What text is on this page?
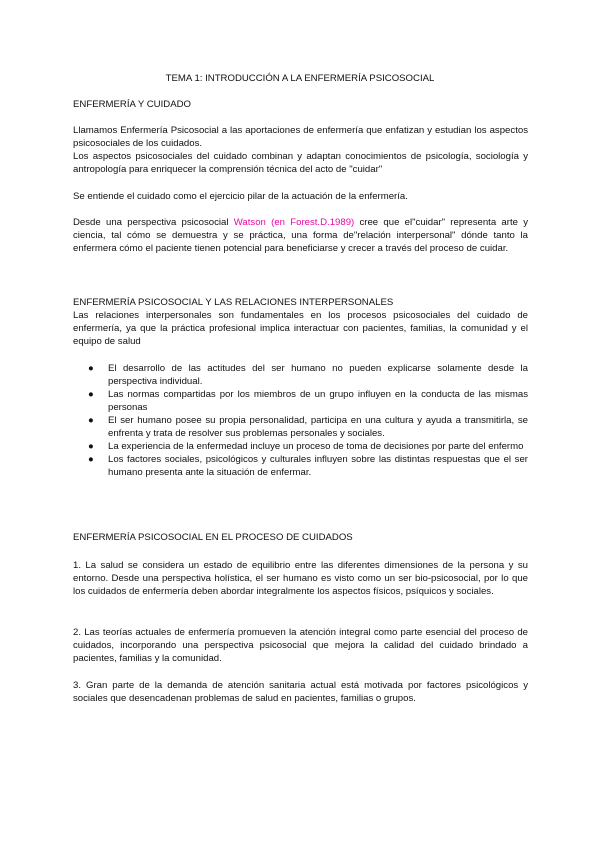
TEMA 1: INTRODUCCIÓN A LA ENFERMERÍA PSICOSOCIAL
ENFERMERÍA Y CUIDADO

Llamamos Enfermería Psicosocial a las aportaciones de enfermería que enfatizan y estudian los aspectos psicosociales de los cuidados.

Los aspectos psicosociales del cuidado combinan y adaptan conocimientos de psicología, sociología y antropología para enriquecer la comprensión técnica del acto de "cuidar"

Se entiende el cuidado como el ejercicio pilar de la actuación de la enfermería.

Desde una perspectiva psicosocial Watson (en Forest.D.1989) cree que el"cuidar" representa arte y ciencia, tal cómo se demuestra y se práctica, una forma de"relación interpersonal" dónde tanto la enfermera cómo el paciente tienen potencial para beneficiarse y crecer a través del proceso de cuidar.

ENFERMERÍA PSICOSOCIAL Y LAS RELACIONES INTERPERSONALES

Las relaciones interpersonales son fundamentales en los procesos psicosociales del cuidado de enfermería, ya que la práctica profesional implica interactuar con pacientes, familias, la comunidad y el equipo de salud

● El desarrollo de las actitudes del ser humano no pueden explicarse solamente desde la perspectiva individual.
● Las normas compartidas por los miembros de un grupo influyen en la conducta de las mismas personas
● El ser humano posee su propia personalidad, participa en una cultura y ayuda a transmitirla, se enfrenta y trata de resolver sus problemas personales y sociales.
● La experiencia de la enfermedad incluye un proceso de toma de decisiones por parte del enfermo
● Los factores sociales, psicológicos y culturales influyen sobre las distintas respuestas que el ser humano presenta ante la situación de enfermar.
ENFERMERÍA PSICOSOCIAL EN EL PROCESO DE CUIDADOS

1. La salud se considera un estado de equilibrio entre las diferentes dimensiones de la persona y su entorno. Desde una perspectiva holística, el ser humano es visto como un ser bio-psicosocial, por lo que los cuidados de enfermería deben abordar integralmente los aspectos físicos, psíquicos y sociales.

2. Las teorías actuales de enfermería promueven la atención integral como parte esencial del proceso de cuidados, incorporando una perspectiva psicosocial que mejora la calidad del cuidado brindado a pacientes, familias y la comunidad.

3. Gran parte de la demanda de atención sanitaria actual está motivada por factores psicológicos y sociales que desencadenan problemas de salud en pacientes, familias o grupos.
